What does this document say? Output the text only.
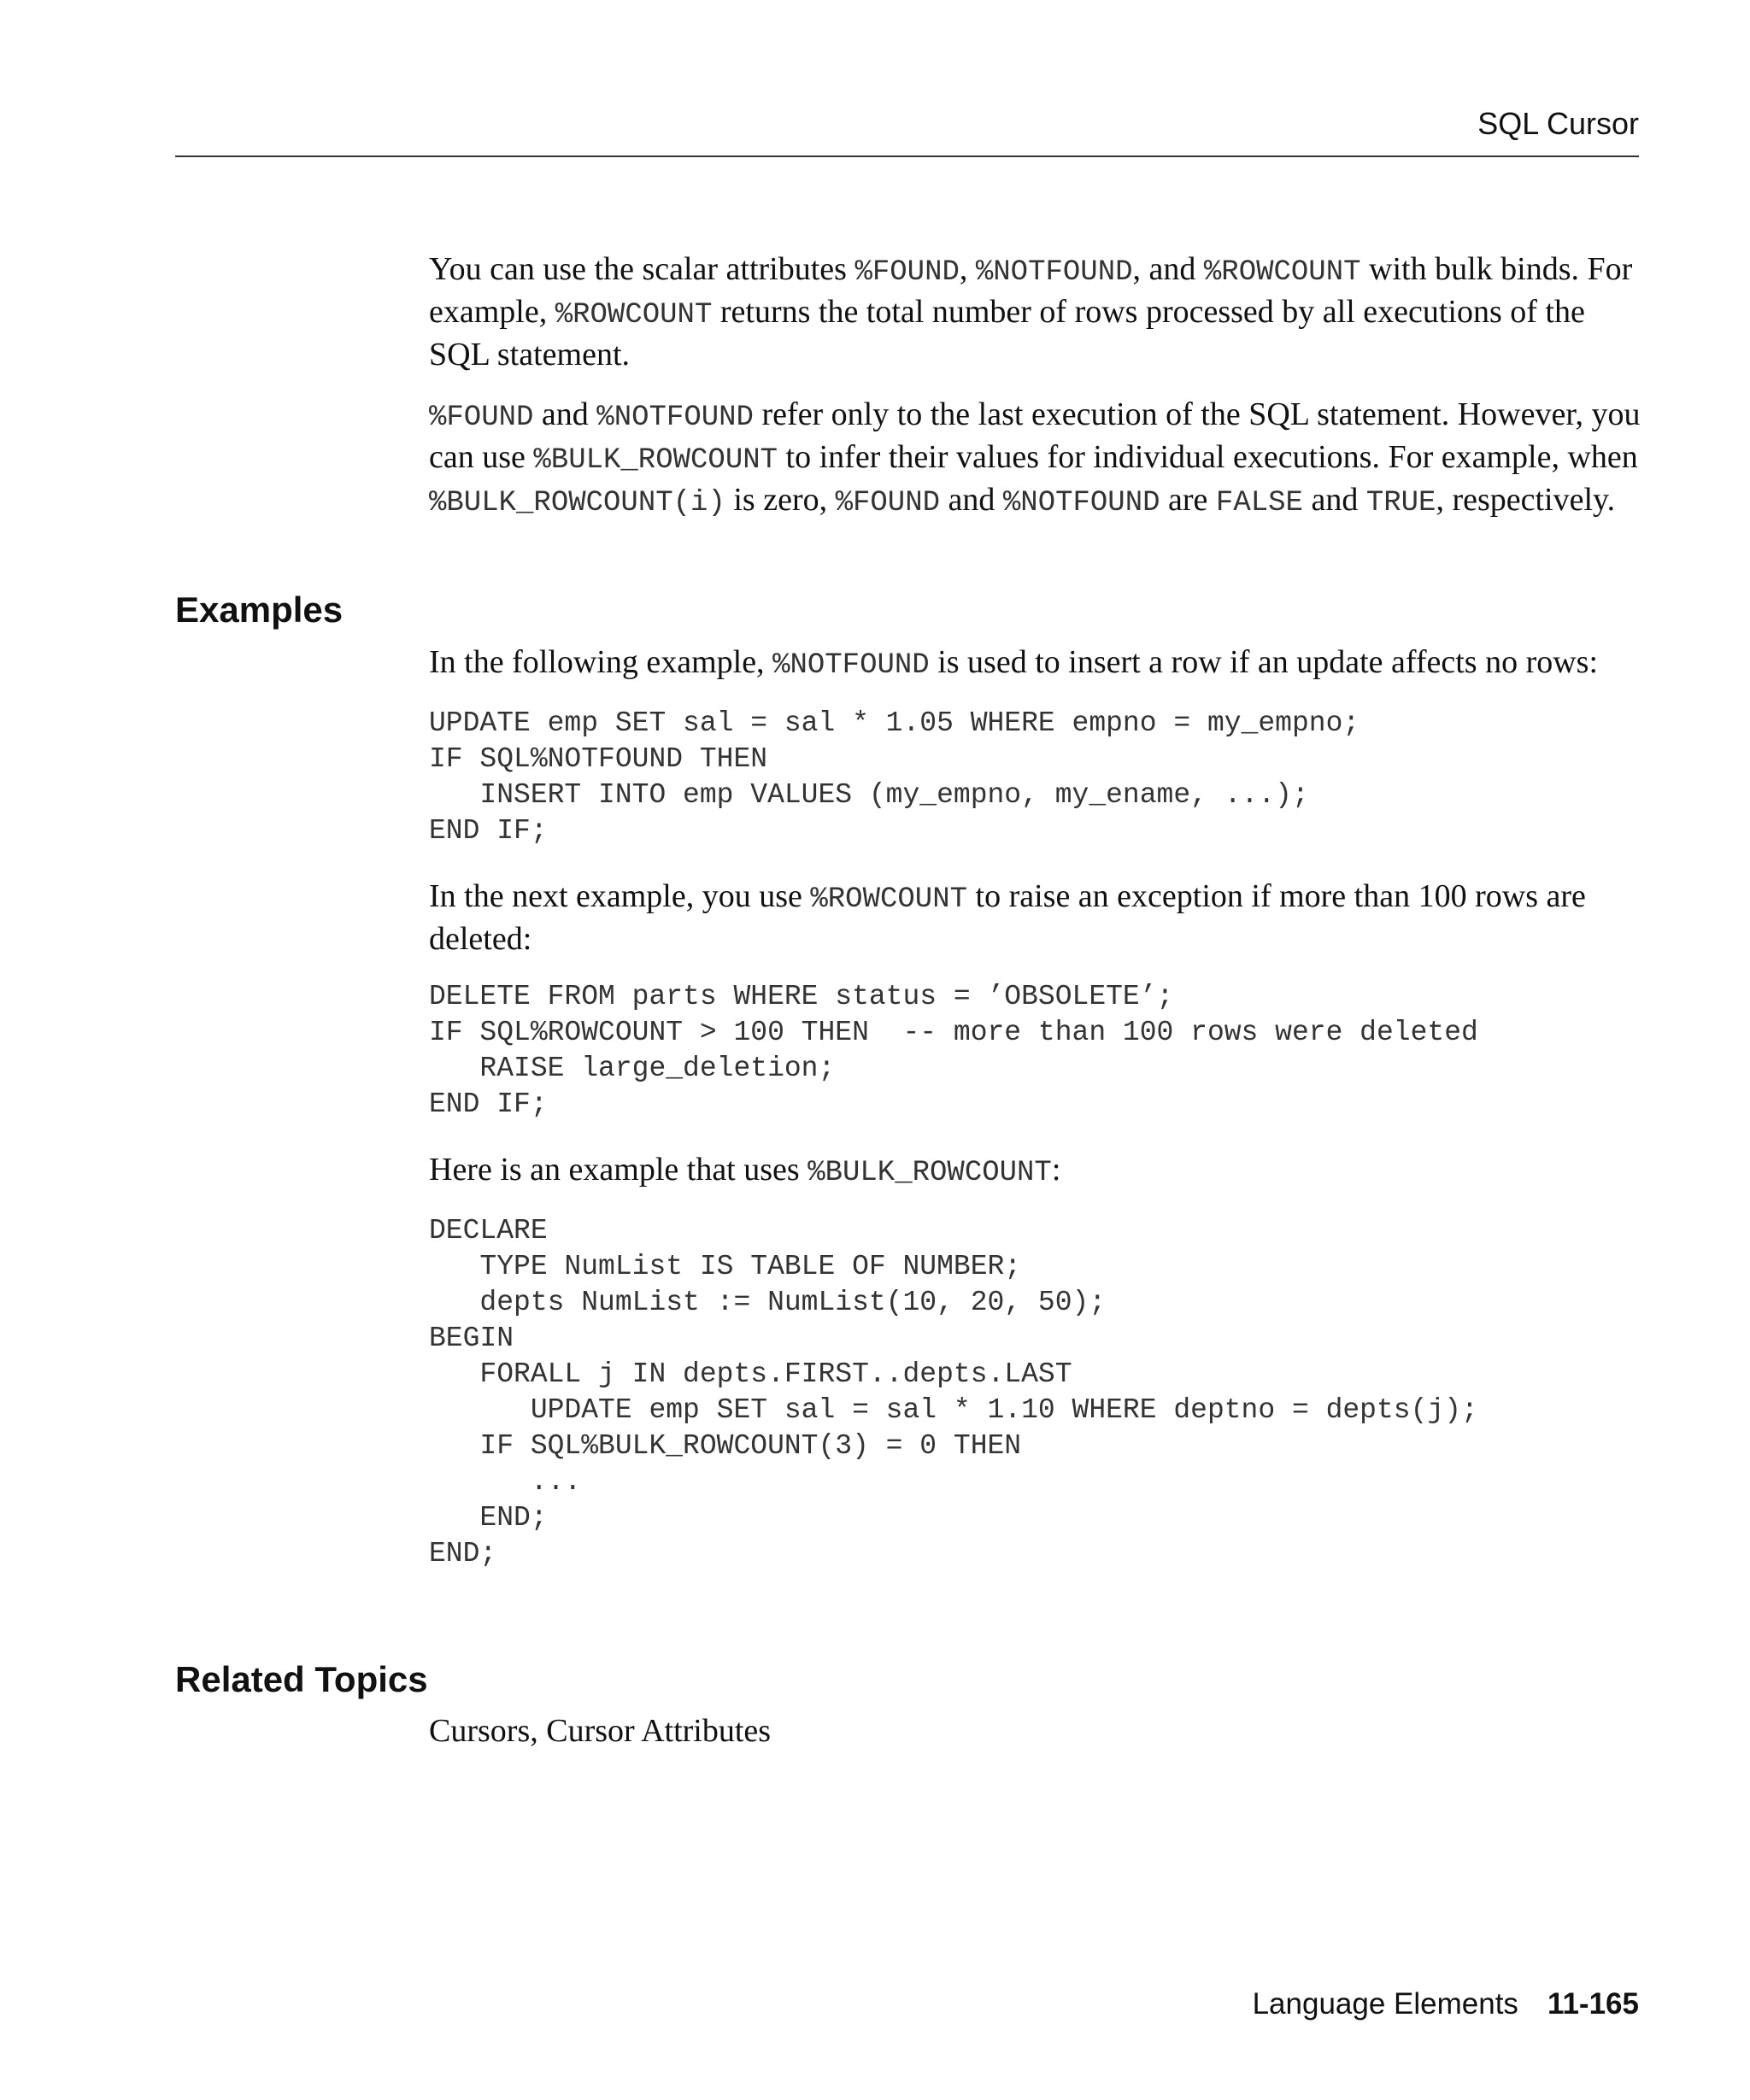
SQL Cursor

You can use the scalar attributes %FOUND, %NOTFOUND, and %ROWCOUNT with bulk binds. For example, %ROWCOUNT returns the total number of rows processed by all executions of the SQL statement.

%FOUND and %NOTFOUND refer only to the last execution of the SQL statement. However, you can use %BULK_ROWCOUNT to infer their values for individual executions. For example, when %BULK_ROWCOUNT(i) is zero, %FOUND and %NOTFOUND are FALSE and TRUE, respectively.

Examples

In the following example, %NOTFOUND is used to insert a row if an update affects no rows:

UPDATE emp SET sal = sal * 1.05 WHERE empno = my_empno;
IF SQL%NOTFOUND THEN
INSERT INTO emp VALUES (my_empno, my_ename, ...);
END IF;

In the next example, you use %ROWCOUNT to raise an exception if more than 100 rows are deleted:

DELETE FROM parts WHERE status = ’OBSOLETE’;
IF SQL%ROWCOUNT > 100 THEN  -- more than 100 rows were deleted
RAISE large_deletion;
END IF;

Here is an example that uses %BULK_ROWCOUNT:

DECLARE
TYPE NumList IS TABLE OF NUMBER;
depts NumList := NumList(10, 20, 50);
BEGIN
FORALL j IN depts.FIRST..depts.LAST
UPDATE emp SET sal = sal * 1.10 WHERE deptno = depts(j);
IF SQL%BULK_ROWCOUNT(3) = 0 THEN
...
END;
END;
Related Topics

Cursors, Cursor Attributes

Language Elements 11-165
